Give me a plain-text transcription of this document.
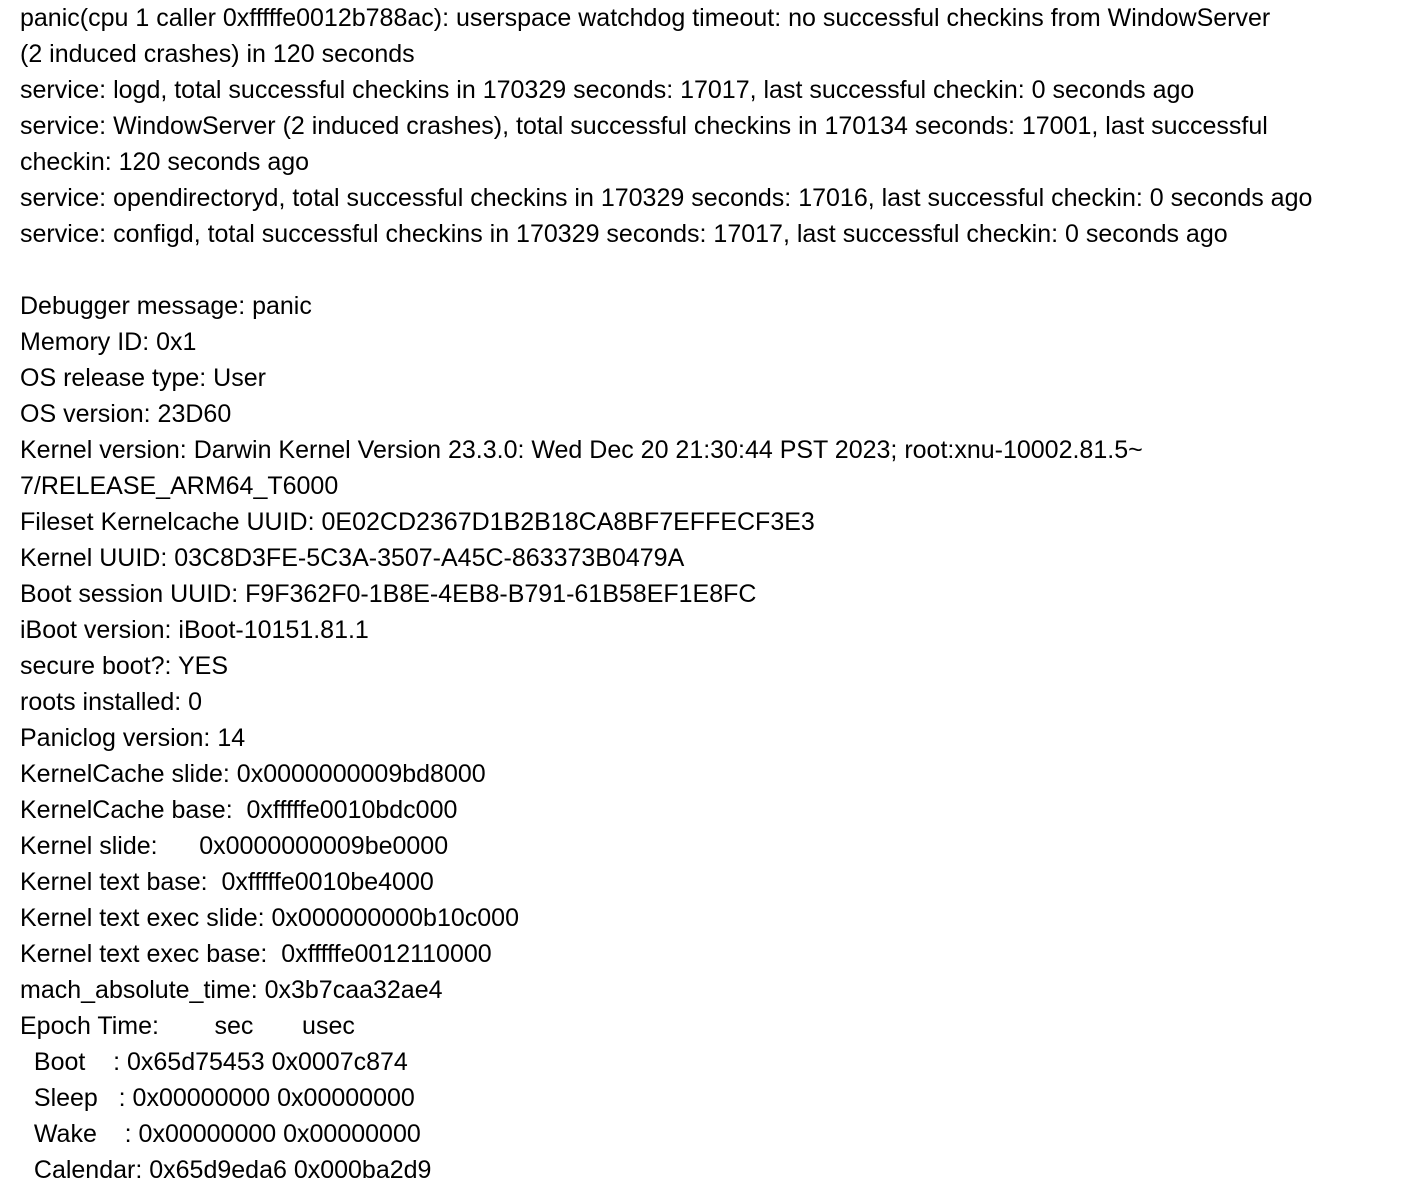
panic(cpu 1 caller 0xfffffe0012b788ac): userspace watchdog timeout: no successful checkins from WindowServer
(2 induced crashes) in 120 seconds
service: logd, total successful checkins in 170329 seconds: 17017, last successful checkin: 0 seconds ago
service: WindowServer (2 induced crashes), total successful checkins in 170134 seconds: 17001, last successful
checkin: 120 seconds ago
service: opendirectoryd, total successful checkins in 170329 seconds: 17016, last successful checkin: 0 seconds ago
service: configd, total successful checkins in 170329 seconds: 17017, last successful checkin: 0 seconds ago
Debugger message: panic
Memory ID: 0x1
OS release type: User
OS version: 23D60
Kernel version: Darwin Kernel Version 23.3.0: Wed Dec 20 21:30:44 PST 2023; root:xnu-10002.81.5~
7/RELEASE_ARM64_T6000
Fileset Kernelcache UUID: 0E02CD2367D1B2B18CA8BF7EFFECF3E3
Kernel UUID: 03C8D3FE-5C3A-3507-A45C-863373B0479A
Boot session UUID: F9F362F0-1B8E-4EB8-B791-61B58EF1E8FC
iBoot version: iBoot-10151.81.1
secure boot?: YES
roots installed: 0
Paniclog version: 14
KernelCache slide: 0x0000000009bd8000
KernelCache base:  0xfffffe0010bdc000
Kernel slide:      0x0000000009be0000
Kernel text base:  0xfffffe0010be4000
Kernel text exec slide: 0x000000000b10c000
Kernel text exec base:  0xfffffe0012110000
mach_absolute_time: 0x3b7caa32ae4
Epoch Time:        sec       usec
Boot    : 0x65d75453 0x0007c874
Sleep   : 0x00000000 0x00000000
Wake    : 0x00000000 0x00000000
Calendar: 0x65d9eda6 0x000ba2d9
